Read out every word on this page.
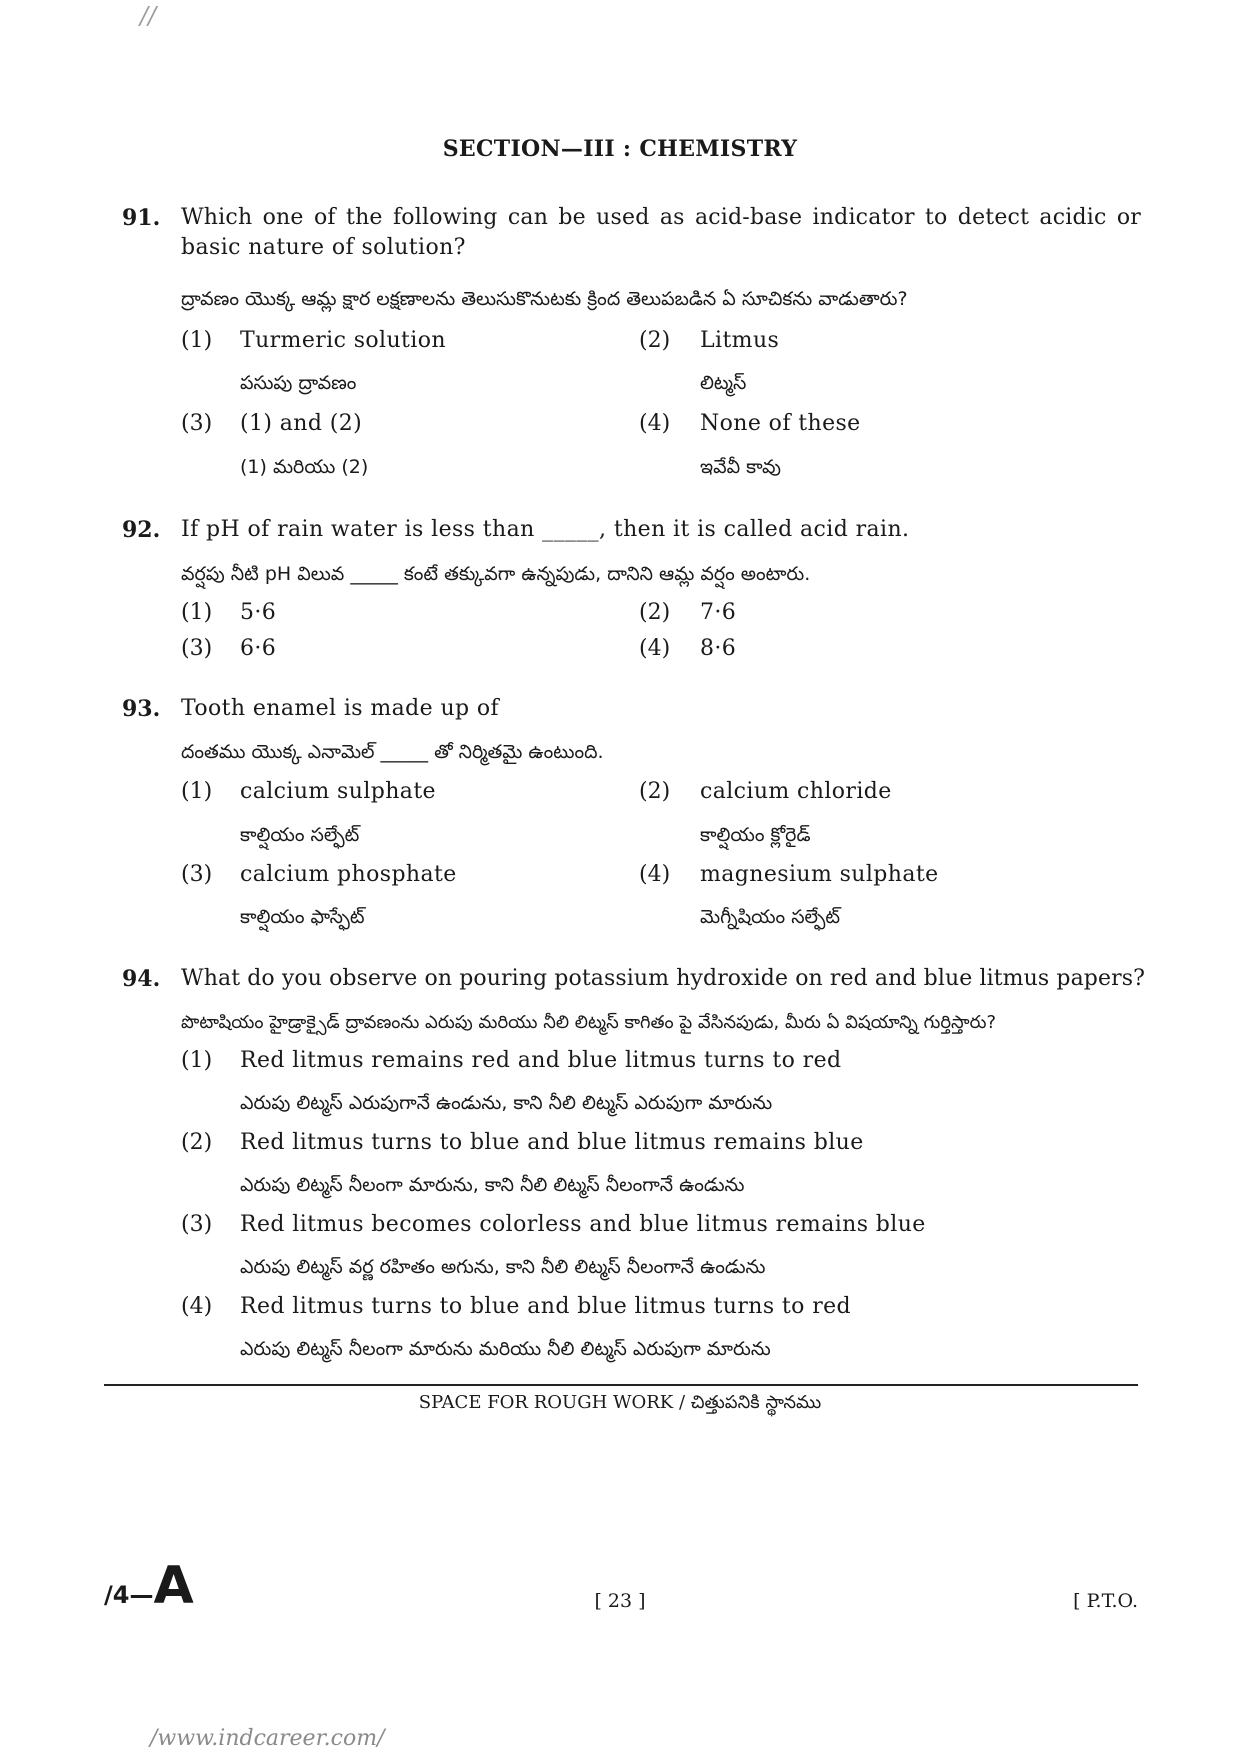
//
SECTION—III : CHEMISTRY
91. Which one of the following can be used as acid-base indicator to detect acidic or
basic nature of solution?
ద్రావణం యొక్క ఆమ్ల క్షార లక్షణాలను తెలుసుకొనుటకు క్రింద తెలుపబడిన ఏ సూచికను వాడుతారు?
(1) Turmeric solution
పసుపు ద్రావణం
(2) Litmus
లిట్మస్
(3) (1) and (2)
(1) మరియు (2)
(4) None of these
ఇవేవీ కావు
92. If pH of rain water is less than _____, then it is called acid rain.
వర్షపు నీటి pH విలువ _____ కంటే తక్కువగా ఉన్నపుడు, దానిని ఆమ్ల వర్షం అంటారు.
(1) 5·6	(2) 7·6
(3) 6·6	(4) 8·6
93. Tooth enamel is made up of
దంతము యొక్క ఎనామెల్ _____ తో నిర్మితమై ఉంటుంది.
(1) calcium sulphate
కాల్షియం సల్ఫేట్
(2) calcium chloride
కాల్షియం క్లోరైడ్
(3) calcium phosphate
కాల్షియం ఫాస్ఫేట్
(4) magnesium sulphate
మెగ్నీషియం సల్ఫేట్
94. What do you observe on pouring potassium hydroxide on red and blue litmus papers?
పొటాషియం హైడ్రాక్సైడ్ ద్రావణంను ఎరుపు మరియు నీలి లిట్మస్ కాగితం పై వేసినపుడు, మీరు ఏ విషయాన్ని గుర్తిస్తారు?
(1) Red litmus remains red and blue litmus turns to red
ఎరుపు లిట్మస్ ఎరుపుగానే ఉండును, కాని నీలి లిట్మస్ ఎరుపుగా మారును
(2) Red litmus turns to blue and blue litmus remains blue
ఎరుపు లిట్మస్ నీలంగా మారును, కాని నీలి లిట్మస్ నీలంగానే ఉండును
(3) Red litmus becomes colorless and blue litmus remains blue
ఎరుపు లిట్మస్ వర్ణ రహితం అగును, కాని నీలి లిట్మస్ నీలంగానే ఉండును
(4) Red litmus turns to blue and blue litmus turns to red
ఎరుపు లిట్మస్ నీలంగా మారును మరియు నీలి లిట్మస్ ఎరుపుగా మారును
SPACE FOR ROUGH WORK / చిత్తుపనికి స్థానము
/4—A	[ 23 ]	[ P.T.O.
/www.indcareer.com/
